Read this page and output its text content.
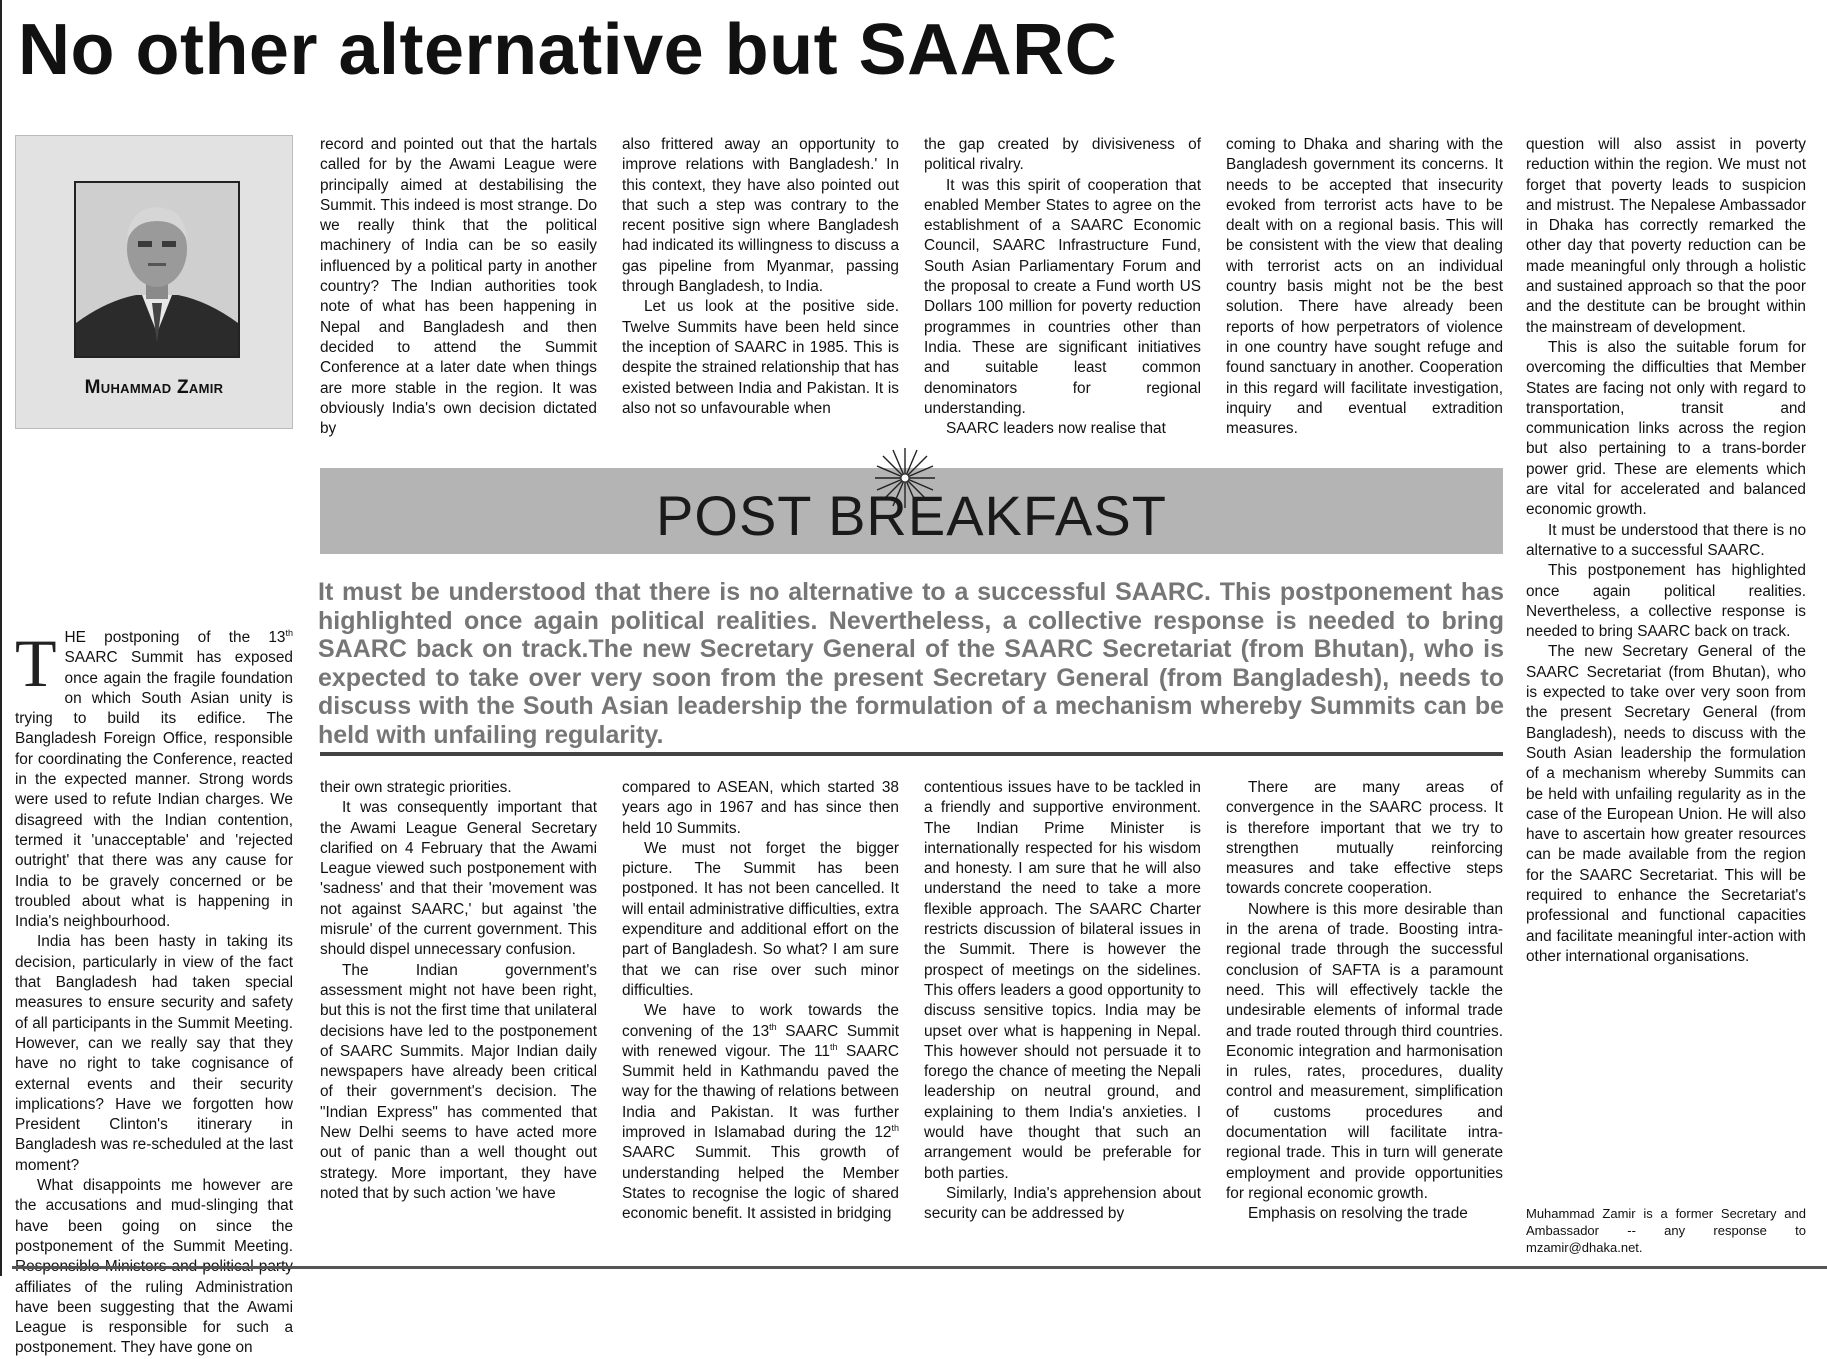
No other alternative but SAARC
Muhammad Zamir

THE postponing of the 13th SAARC Summit has exposed once again the fragile foundation on which South Asian unity is trying to build its edifice. The Bangladesh Foreign Office, responsible for coordinating the Conference, reacted in the expected manner. Strong words were used to refute Indian charges. We disagreed with the Indian contention, termed it 'unacceptable' and 'rejected outright' that there was any cause for India to be gravely concerned or be troubled about what is happening in India's neighbourhood.

India has been hasty in taking its decision, particularly in view of the fact that Bangladesh had taken special measures to ensure security and safety of all participants in the Summit Meeting. However, can we really say that they have no right to take cognisance of external events and their security implications? Have we forgotten how President Clinton's itinerary in Bangladesh was re-scheduled at the last moment?

What disappoints me however are the accusations and mud-slinging that have been going on since the postponement of the Summit Meeting. affiliates of the ruling Administration have been suggesting that the Awami League is responsible for such a postponement. They have gone on

record and pointed out that the hartals called for by the Awami League were principally aimed at destabilising the Summit. This indeed is most strange. Do we really think that the political machinery of India can be so easily influenced by a political party in another country? The Indian authorities took note of what has been happening in Nepal and Bangladesh and then decided to attend the Summit Conference at a later date when things are more stable in the region. It was obviously India's own decision dictated by

also frittered away an opportunity to improve relations with Bangladesh.' In this context, they have also pointed out that such a step was contrary to the recent positive sign where Bangladesh had indicated its willingness to discuss a gas pipeline from Myanmar, passing through Bangladesh, to India.

Let us look at the positive side. Twelve Summits have been held since the inception of SAARC in 1985. This is despite the strained relationship that has existed between India and Pakistan. It is also not so unfavourable when

the gap created by divisiveness of political rivalry.

It was this spirit of cooperation that enabled Member States to agree on the establishment of a SAARC Economic Council, SAARC Infrastructure Fund, South Asian Parliamentary Forum and the proposal to create a Fund worth US Dollars 100 million for poverty reduction programmes in countries other than India. These are significant initiatives and suitable least common denominators for regional understanding.

SAARC leaders now realise that

coming to Dhaka and sharing with the Bangladesh government its concerns. It needs to be accepted that insecurity evoked from terrorist acts have to be dealt with on a regional basis. This will be consistent with the view that dealing with terrorist acts on an individual country basis might not be the best solution. There have already been reports of how perpetrators of violence in one country have sought refuge and found sanctuary in another. Cooperation in this regard will facilitate investigation, inquiry and eventual extradition measures.

POST BREAKFAST

It must be understood that there is no alternative to a successful SAARC. This postponement has highlighted once again political realities. Nevertheless, a collective response is needed to bring SAARC back on track.The new Secretary General of the SAARC Secretariat (from Bhutan), who is expected to take over very soon from the present Secretary General (from Bangladesh), needs to discuss with the South Asian leadership the formulation of a mechanism whereby Summits can be held with unfailing regularity.

their own strategic priorities.

It was consequently important that the Awami League General Secretary clarified on 4 February that the Awami League viewed such postponement with 'sadness' and that their 'movement was not against SAARC,' but against 'the misrule' of the current government. This should dispel unnecessary confusion.

The Indian government's assessment might not have been right, but this is not the first time that unilateral decisions have led to the postponement of SAARC Summits. Major Indian daily newspapers have already been critical of their government's decision. The "Indian Express" has commented that New Delhi seems to have acted more out of panic than a well thought out strategy. More important, they have noted that by such action 'we have

compared to ASEAN, which started 38 years ago in 1967 and has since then held 10 Summits.

We must not forget the bigger picture. The Summit has been postponed. It has not been cancelled. It will entail administrative difficulties, extra expenditure and additional effort on the part of Bangladesh. So what? I am sure that we can rise over such minor difficulties.

We have to work towards the convening of the 13th SAARC Summit with renewed vigour. The 11th SAARC Summit held in Kathmandu paved the way for the thawing of relations between India and Pakistan. It was further improved in Islamabad during the 12th SAARC Summit. This growth of understanding helped the Member States to recognise the logic of shared economic benefit. It assisted in bridging

contentious issues have to be tackled in a friendly and supportive environment. The Indian Prime Minister is internationally respected for his wisdom and honesty. I am sure that he will also understand the need to take a more flexible approach. The SAARC Charter restricts discussion of bilateral issues in the Summit. There is however the prospect of meetings on the sidelines. This offers leaders a good opportunity to discuss sensitive topics. India may be upset over what is happening in Nepal. This however should not persuade it to forego the chance of meeting the Nepali leadership on neutral ground, and explaining to them India's anxieties. I would have thought that such an arrangement would be preferable for both parties.

Similarly, India's apprehension about security can be addressed by

There are many areas of convergence in the SAARC process. It is therefore important that we try to strengthen mutually reinforcing measures and take effective steps towards concrete cooperation.

Nowhere is this more desirable than in the arena of trade. Boosting intra-regional trade through the successful conclusion of SAFTA is a paramount need. This will effectively tackle the undesirable elements of informal trade and trade routed through third countries. Economic integration and harmonisation in rules, rates, procedures, duality control and measurement, simplification of customs procedures and documentation will facilitate intra-regional trade. This in turn will generate employment and provide opportunities for regional economic growth.

Emphasis on resolving the trade

question will also assist in poverty reduction within the region. We must not forget that poverty leads to suspicion and mistrust. The Nepalese Ambassador in Dhaka has correctly remarked the other day that poverty reduction can be made meaningful only through a holistic and sustained approach so that the poor and the destitute can be brought within the mainstream of development.

This is also the suitable forum for overcoming the difficulties that Member States are facing not only with regard to transportation, transit and communication links across the region but also pertaining to a trans-border power grid. These are elements which are vital for accelerated and balanced economic growth.

It must be understood that there is no alternative to a successful SAARC.

This postponement has highlighted once again political realities. Nevertheless, a collective response is needed to bring SAARC back on track.

The new Secretary General of the SAARC Secretariat (from Bhutan), who is expected to take over very soon from the present Secretary General (from Bangladesh), needs to discuss with the South Asian leadership the formulation of a mechanism whereby Summits can be held with unfailing regularity as in the case of the European Union. He will also have to ascertain how greater resources can be made available from the region for the SAARC Secretariat. This will be required to enhance the Secretariat's professional and functional capacities and facilitate meaningful inter-action with other international organisations.

Muhammad Zamir is a former Secretary and Ambassador -- any response to mzamir@dhaka.net.
